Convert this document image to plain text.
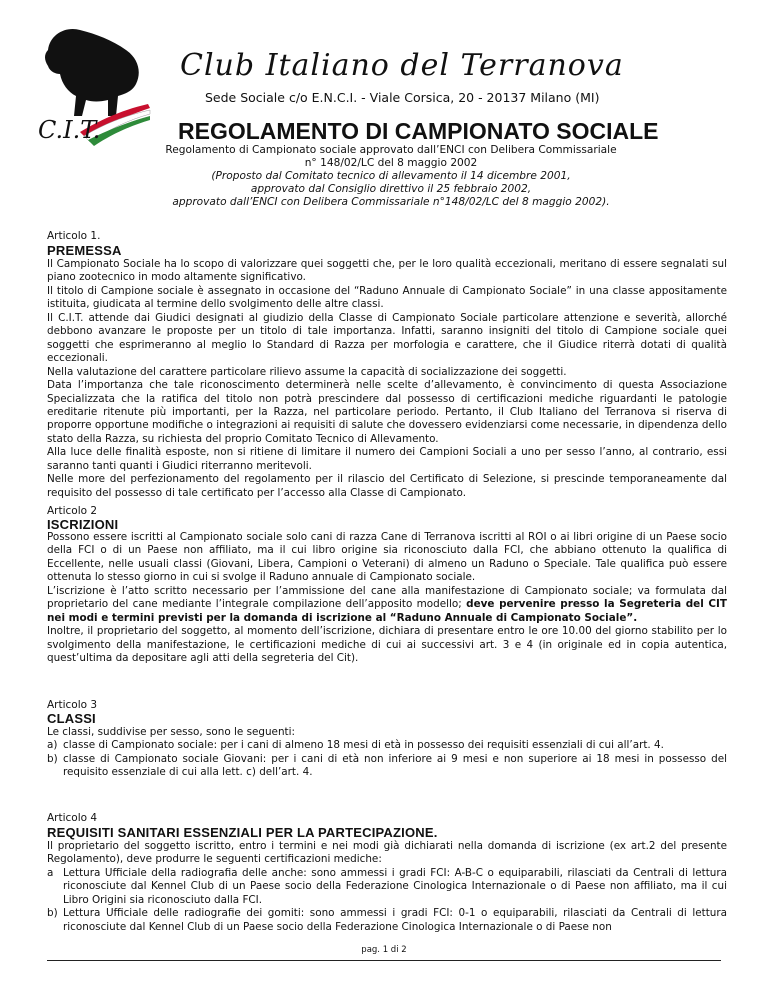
C.I.T.
Club Italiano del Terranova
Sede Sociale c/o E.N.C.I. - Viale Corsica, 20 - 20137 Milano (MI)
REGOLAMENTO DI CAMPIONATO SOCIALE
Regolamento di Campionato sociale approvato dall’ENCI con Delibera Commissariale
n° 148/02/LC del 8 maggio 2002
(Proposto dal Comitato tecnico di allevamento il 14 dicembre 2001,
approvato dal Consiglio direttivo il 25 febbraio 2002,
approvato dall’ENCI con Delibera Commissariale n°148/02/LC del 8 maggio 2002).
Articolo 1.
PREMESSA

Il Campionato Sociale ha lo scopo di valorizzare quei soggetti che, per le loro qualità eccezionali, meritano di essere segnalati sul piano zootecnico in modo altamente significativo.

Il titolo di Campione sociale è assegnato in occasione del “Raduno Annuale di Campionato Sociale” in una classe appositamente istituita, giudicata al termine dello svolgimento delle altre classi.

Il C.I.T. attende dai Giudici designati al giudizio della Classe di Campionato Sociale particolare attenzione e severità, allorché debbono avanzare le proposte per un titolo di tale importanza. Infatti, saranno insigniti del titolo di Campione sociale quei soggetti che esprimeranno al meglio lo Standard di Razza per morfologia e carattere, che il Giudice riterrà dotati di qualità eccezionali.

Nella valutazione del carattere particolare rilievo assume la capacità di socializzazione dei soggetti.

Data l’importanza che tale riconoscimento determinerà nelle scelte d’allevamento, è convincimento di questa Associazione Specializzata che la ratifica del titolo non potrà prescindere dal possesso di certificazioni mediche riguardanti le patologie ereditarie ritenute più importanti, per la Razza, nel particolare periodo. Pertanto, il Club Italiano del Terranova si riserva di proporre opportune modifiche o integrazioni ai requisiti di salute che dovessero evidenziarsi come necessarie, in dipendenza dello stato della Razza, su richiesta del proprio Comitato Tecnico di Allevamento.

Alla luce delle finalità esposte, non si ritiene di limitare il numero dei Campioni Sociali a uno per sesso l’anno, al contrario, essi saranno tanti quanti i Giudici riterranno meritevoli.

Nelle more del perfezionamento del regolamento per il rilascio del Certificato di Selezione, si prescinde temporaneamente dal requisito del possesso di tale certificato per l’accesso alla Classe di Campionato.

Articolo 2
ISCRIZIONI

Possono essere iscritti al Campionato sociale solo cani di razza Cane di Terranova iscritti al ROI o ai libri origine di un Paese socio della FCI o di un Paese non affiliato, ma il cui libro origine sia riconosciuto dalla FCI, che abbiano ottenuto la qualifica di Eccellente, nelle usuali classi (Giovani, Libera, Campioni o Veterani) di almeno un Raduno o Speciale. Tale qualifica può essere ottenuta lo stesso giorno in cui si svolge il Raduno annuale di Campionato sociale.

L’iscrizione è l’atto scritto necessario per l’ammissione del cane alla manifestazione di Campionato sociale; va formulata dal proprietario del cane mediante l’integrale compilazione dell’apposito modello; deve pervenire presso la Segreteria del CIT nei modi e termini previsti per la domanda di iscrizione al “Raduno Annuale di Campionato Sociale”.

Inoltre, il proprietario del soggetto, al momento dell’iscrizione, dichiara di presentare entro le ore 10.00 del giorno stabilito per lo svolgimento della manifestazione, le certificazioni mediche di cui ai successivi art. 3 e 4 (in originale ed in copia autentica, quest’ultima da depositare agli atti della segreteria del Cit).

Articolo 3
CLASSI

Le classi, suddivise per sesso, sono le seguenti:

a) classe di Campionato sociale: per i cani di almeno 18 mesi di età in possesso dei requisiti essenziali di cui all’art. 4.
b) classe di Campionato sociale Giovani: per i cani di età non inferiore ai 9 mesi e non superiore ai 18 mesi in possesso del requisito essenziale di cui alla lett. c) dell’art. 4.
Articolo 4
REQUISITI SANITARI ESSENZIALI PER LA PARTECIPAZIONE.

Il proprietario del soggetto iscritto, entro i termini e nei modi già dichiarati nella domanda di iscrizione (ex art.2 del presente Regolamento), deve produrre le seguenti certificazioni mediche:

a Lettura Ufficiale della radiografia delle anche: sono ammessi i gradi FCI: A-B-C o equiparabili, rilasciati da Centrali di lettura riconosciute dal Kennel Club di un Paese socio della Federazione Cinologica Internazionale o di Paese non affiliato, ma il cui Libro Origini sia riconosciuto dalla FCI.
b) Lettura Ufficiale delle radiografie dei gomiti: sono ammessi i gradi FCI: 0-1 o equiparabili, rilasciati da Centrali di lettura riconosciute dal Kennel Club di un Paese socio della Federazione Cinologica Internazionale o di Paese non
pag. 1 di 2
